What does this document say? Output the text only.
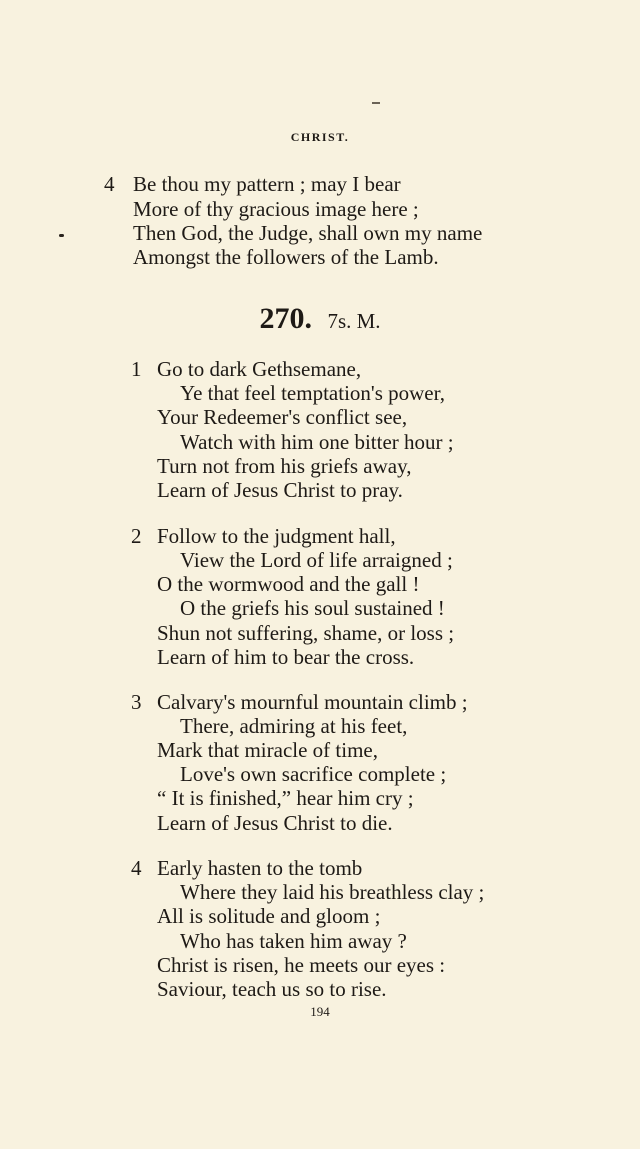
CHRIST.
4 Be thou my pattern ; may I bear
More of thy gracious image here ;
Then God, the Judge, shall own my name
Amongst the followers of the Lamb.
270. 7s. M.
1 Go to dark Gethsemane,
Ye that feel temptation's power,
Your Redeemer's conflict see,
Watch with him one bitter hour ;
Turn not from his griefs away,
Learn of Jesus Christ to pray.
2 Follow to the judgment hall,
View the Lord of life arraigned ;
O the wormwood and the gall !
O the griefs his soul sustained !
Shun not suffering, shame, or loss ;
Learn of him to bear the cross.
3 Calvary's mournful mountain climb ;
There, admiring at his feet,
Mark that miracle of time,
Love's own sacrifice complete ;
“ It is finished,” hear him cry ;
Learn of Jesus Christ to die.
4 Early hasten to the tomb
Where they laid his breathless clay ;
All is solitude and gloom ;
Who has taken him away ?
Christ is risen, he meets our eyes :
Saviour, teach us so to rise.
194
